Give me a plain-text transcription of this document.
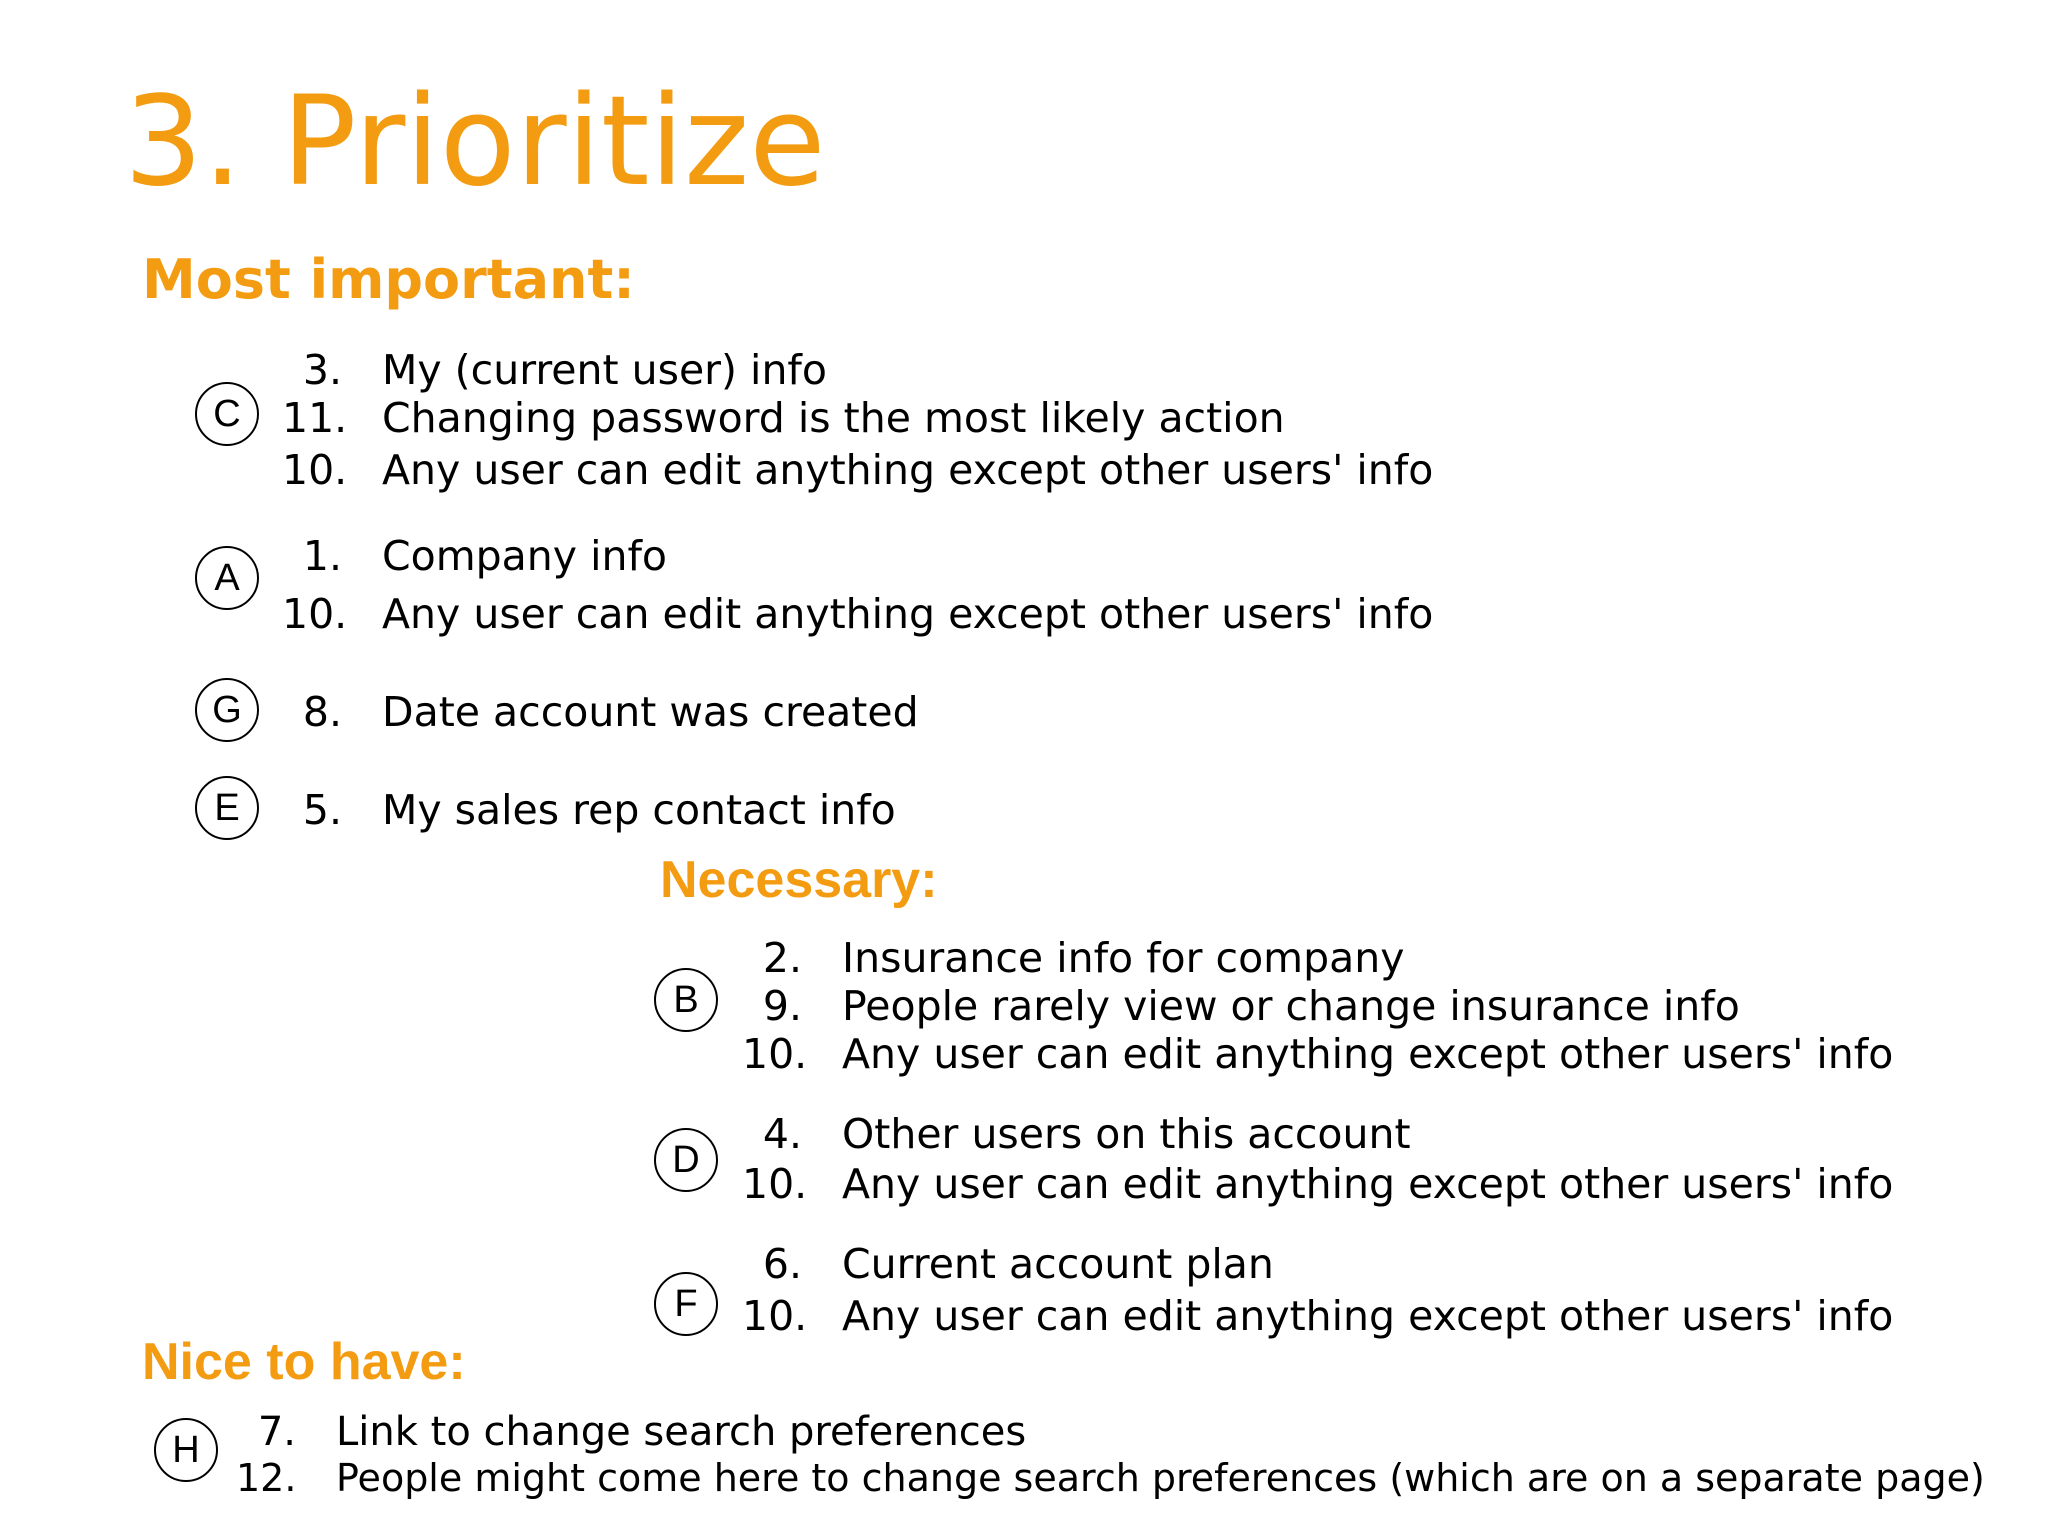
3. Prioritize
Most important:
C
3. My (current user) info
11. Changing password is the most likely action
10. Any user can edit anything except other users' info
A	1. Company info
10. Any user can edit anything except other users' info
G	8. Date account was created
E	5. My sales rep contact info
Necessary:
B
2. Insurance info for company
9. People rarely view or change insurance info
10. Any user can edit anything except other users' info
D
4. Other users on this account
10. Any user can edit anything except other users' info
F
6. Current account plan
10. Any user can edit anything except other users' info
Nice to have:
H	7. Link to change search preferences
12. People might come here to change search preferences (which are on a separate page)
